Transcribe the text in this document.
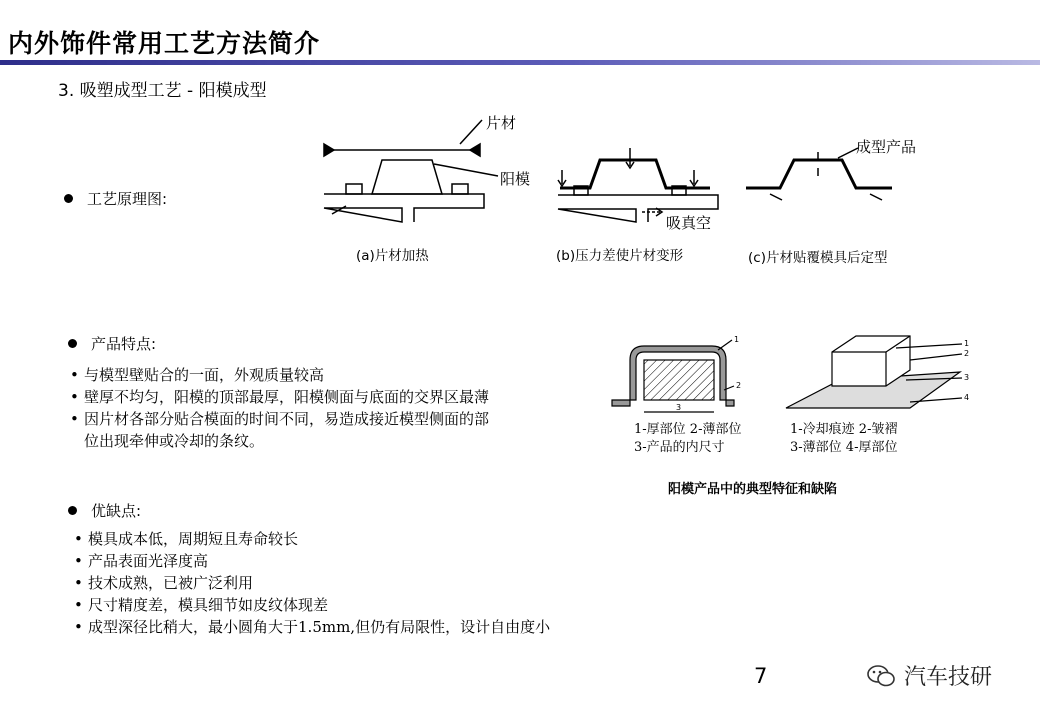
内外饰件常用工艺方法简介
3. 吸塑成型工艺 - 阳模成型
工艺原理图:
片材
阳模
吸真空
成型产品
(a)片材加热	(b)压力差使片材变形	(c)片材贴覆模具后定型
产品特点:
• 与模型壁贴合的一面，外观质量较高
• 壁厚不均匀，阳模的顶部最厚，阳模侧面与底面的交界区最薄
• 因片材各部分贴合模面的时间不同，易造成接近模型侧面的部
位出现牵伸或冷却的条纹。
1
2
3
1
2
3
4
1-厚部位 2-薄部位
3-产品的内尺寸
1-冷却痕迹 2-皱褶
3-薄部位 4-厚部位
阳模产品中的典型特征和缺陷
优缺点:
• 模具成本低，周期短且寿命较长
• 产品表面光泽度高
• 技术成熟，已被广泛利用
• 尺寸精度差，模具细节如皮纹体现差
• 成型深径比稍大，最小圆角大于1.5mm,但仍有局限性，设计自由度小
7	汽车技研
